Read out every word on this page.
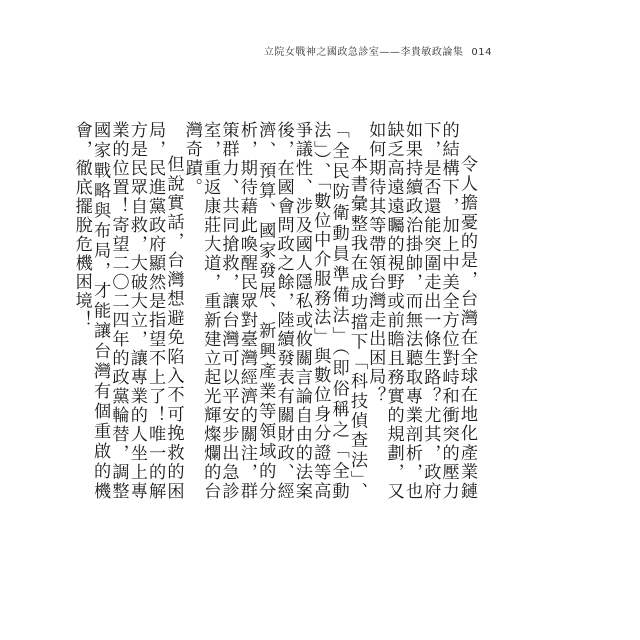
立院女戰神之國政急診室——李貴敏政論集 014

令人擔憂的是，台灣在全球在地化產業鏈的結構下，加上中美全方位對峙和衝突的壓力下，是否還能突圍走出一條生路？尤其，政府如果持續政治掛帥，而無法聽取專業剖析，也缺乏高遠遠矚的視野或前瞻且務實的規劃，又如何期待其等帶領台灣走出困局？

本書彙整我在成功擋下「科技偵查法」、「全民防衛動員準備法」（即俗稱之「全動法」）、「數位中介服務法」與數位身分證等高爭議性、涉及國人隱私或攸關言論自由的法案後，在國會問政之餘，陸續發表有關財政、經濟、預算、國家發展、新興產業等領域的分析，期待藉此喚醒民眾對臺灣經濟的關注，群策群力、共同搶救，讓台灣可以平安步出急診室，重返康莊大道，重新建立起光輝燦爛的台灣奇蹟。

但說實話，台灣想避免陷入不可挽救的困局，民進黨政府顯然是指望不上了！唯一的解方是民眾自救，大破大立，讓專業的人坐上專業的位置！寄望二〇二四年的政黨輪替，調整國家戰略與布局，才能讓台灣有個重啟的機會，徹底擺脫危機困境！
